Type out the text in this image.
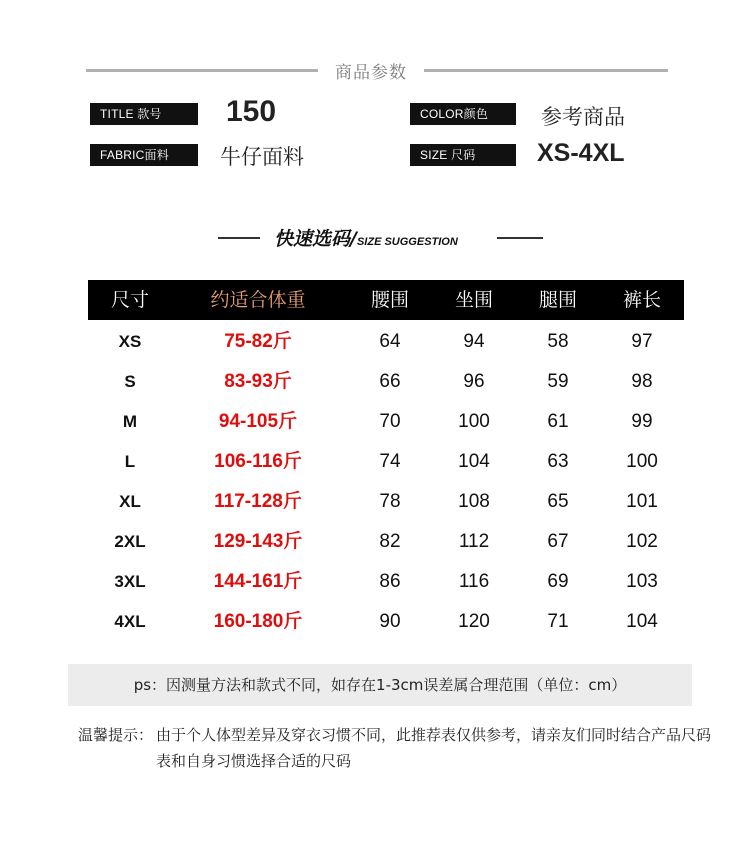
商品参数
TITLE 款号	150	COLOR颜色	参考商品
FABRIC面料	牛仔面料	SIZE 尺码	XS-4XL
快速选码/SIZE SUGGESTION
尺寸	约适合体重	腰围	坐围	腿围	裤长
XS	75-82斤	64	94	58	97
S	83-93斤	66	96	59	98
M	94-105斤	70	100	61	99
L	106-116斤	74	104	63	100
XL	117-128斤	78	108	65	101
2XL	129-143斤	82	112	67	102
3XL	144-161斤	86	116	69	103
4XL	160-180斤	90	120	71	104
ps：因测量方法和款式不同，如存在1-3cm误差属合理范围（单位：cm）
温馨提示： 由于个人体型差异及穿衣习惯不同，此推荐表仅供参考，请亲友们同时结合产品尺码表和自身习惯选择合适的尺码
